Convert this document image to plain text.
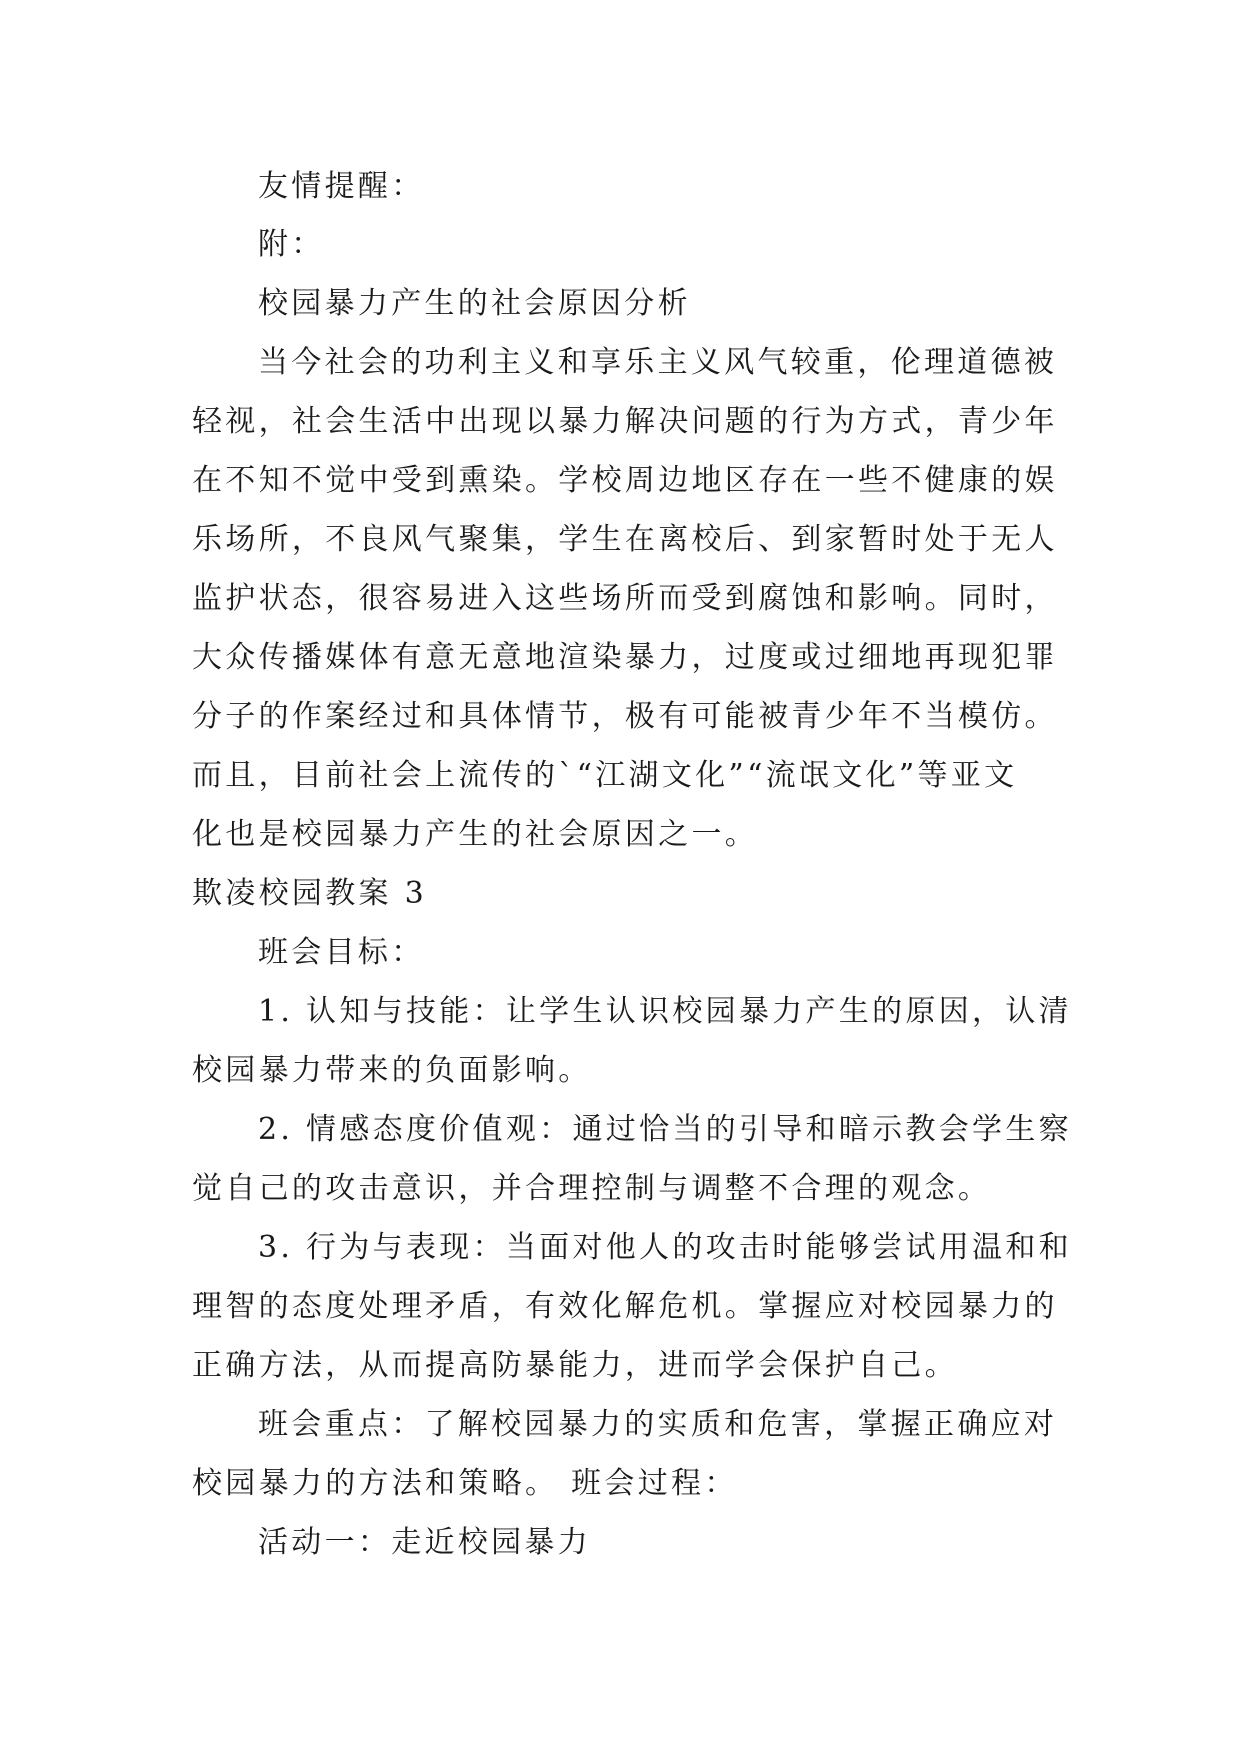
友情提醒：
附：
校园暴力产生的社会原因分析
当今社会的功利主义和享乐主义风气较重，伦理道德被
轻视，社会生活中出现以暴力解决问题的行为方式，青少年
在不知不觉中受到熏染。学校周边地区存在一些不健康的娱
乐场所，不良风气聚集，学生在离校后、到家暂时处于无人
监护状态，很容易进入这些场所而受到腐蚀和影响。同时，
大众传播媒体有意无意地渲染暴力，过度或过细地再现犯罪
分子的作案经过和具体情节，极有可能被青少年不当模仿。
而且，目前社会上流传的`“江湖文化”“流氓文化”等亚文
化也是校园暴力产生的社会原因之一。
欺凌校园教案 3
班会目标：
1. 认知与技能：让学生认识校园暴力产生的原因，认清
校园暴力带来的负面影响。
2. 情感态度价值观：通过恰当的引导和暗示教会学生察
觉自己的攻击意识，并合理控制与调整不合理的观念。
3. 行为与表现：当面对他人的攻击时能够尝试用温和和
理智的态度处理矛盾，有效化解危机。掌握应对校园暴力的
正确方法，从而提高防暴能力，进而学会保护自己。
班会重点：了解校园暴力的实质和危害，掌握正确应对
校园暴力的方法和策略。 班会过程：
活动一：走近校园暴力
